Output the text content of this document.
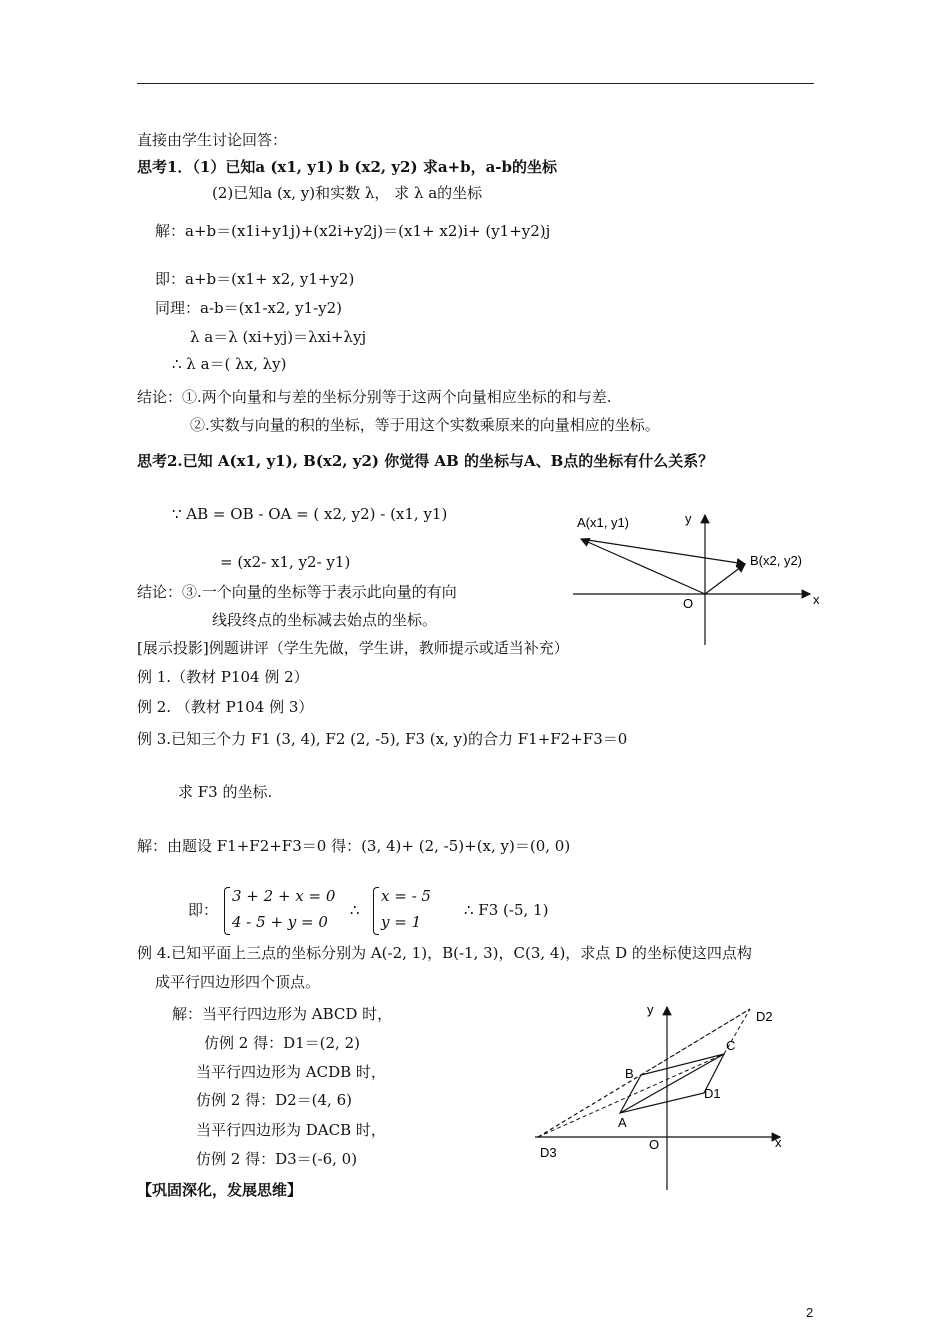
直接由学生讨论回答：
思考1．（1）已知a (x1, y1) b (x2, y2) 求a+b，a-b的坐标
(2)已知a (x, y)和实数 λ， 求 λ a的坐标
解：a+b＝(x1i+y1j)+(x2i+y2j)＝(x1+ x2)i+ (y1+y2)j
即：a+b＝(x1+ x2, y1+y2)
同理：a-b＝(x1-x2, y1-y2)
λ a＝λ (xi+yj)＝λxi+λyj
∴ λ a＝( λx, λy)
结论：①.两个向量和与差的坐标分别等于这两个向量相应坐标的和与差.
②.实数与向量的积的坐标，等于用这个实数乘原来的向量相应的坐标。
思考2.已知 A(x1, y1), B(x2, y2) 你觉得 AB 的坐标与A、B点的坐标有什么关系？
∵ AB = OB - OA = ( x2, y2) - (x1, y1)
= (x2- x1, y2- y1)
结论：③.一个向量的坐标等于表示此向量的有向
线段终点的坐标减去始点的坐标。
[展示投影]例题讲评（学生先做，学生讲，教师提示或适当补充）
例 1.（教材 P104 例 2）
例 2. （教材 P104 例 3）
例 3.已知三个力 F1 (3, 4), F2 (2, -5), F3 (x, y)的合力 F1+F2+F3＝0
求 F3 的坐标.
解：由题设 F1+F2+F3＝0 得：(3, 4)+ (2, -5)+(x, y)＝(0, 0)
即：
3 + 2 + x = 0
4 - 5 + y = 0
∴
x = - 5
y = 1
∴ F3 (-5, 1)
例 4.已知平面上三点的坐标分别为 A(-2, 1)，B(-1, 3)，C(3, 4)，求点 D 的坐标使这四点构
成平行四边形四个顶点。
解：当平行四边形为 ABCD 时，
仿例 2 得：D1＝(2, 2)
当平行四边形为 ACDB 时，
仿例 2 得：D2＝(4, 6)
当平行四边形为 DACB 时，
仿例 2 得：D3＝(-6, 0)
【巩固深化，发展思维】
A(x1, y1)
B(x2, y2)
O	x
y
y
x
O
A
B
C
D1
D2
D3
2
